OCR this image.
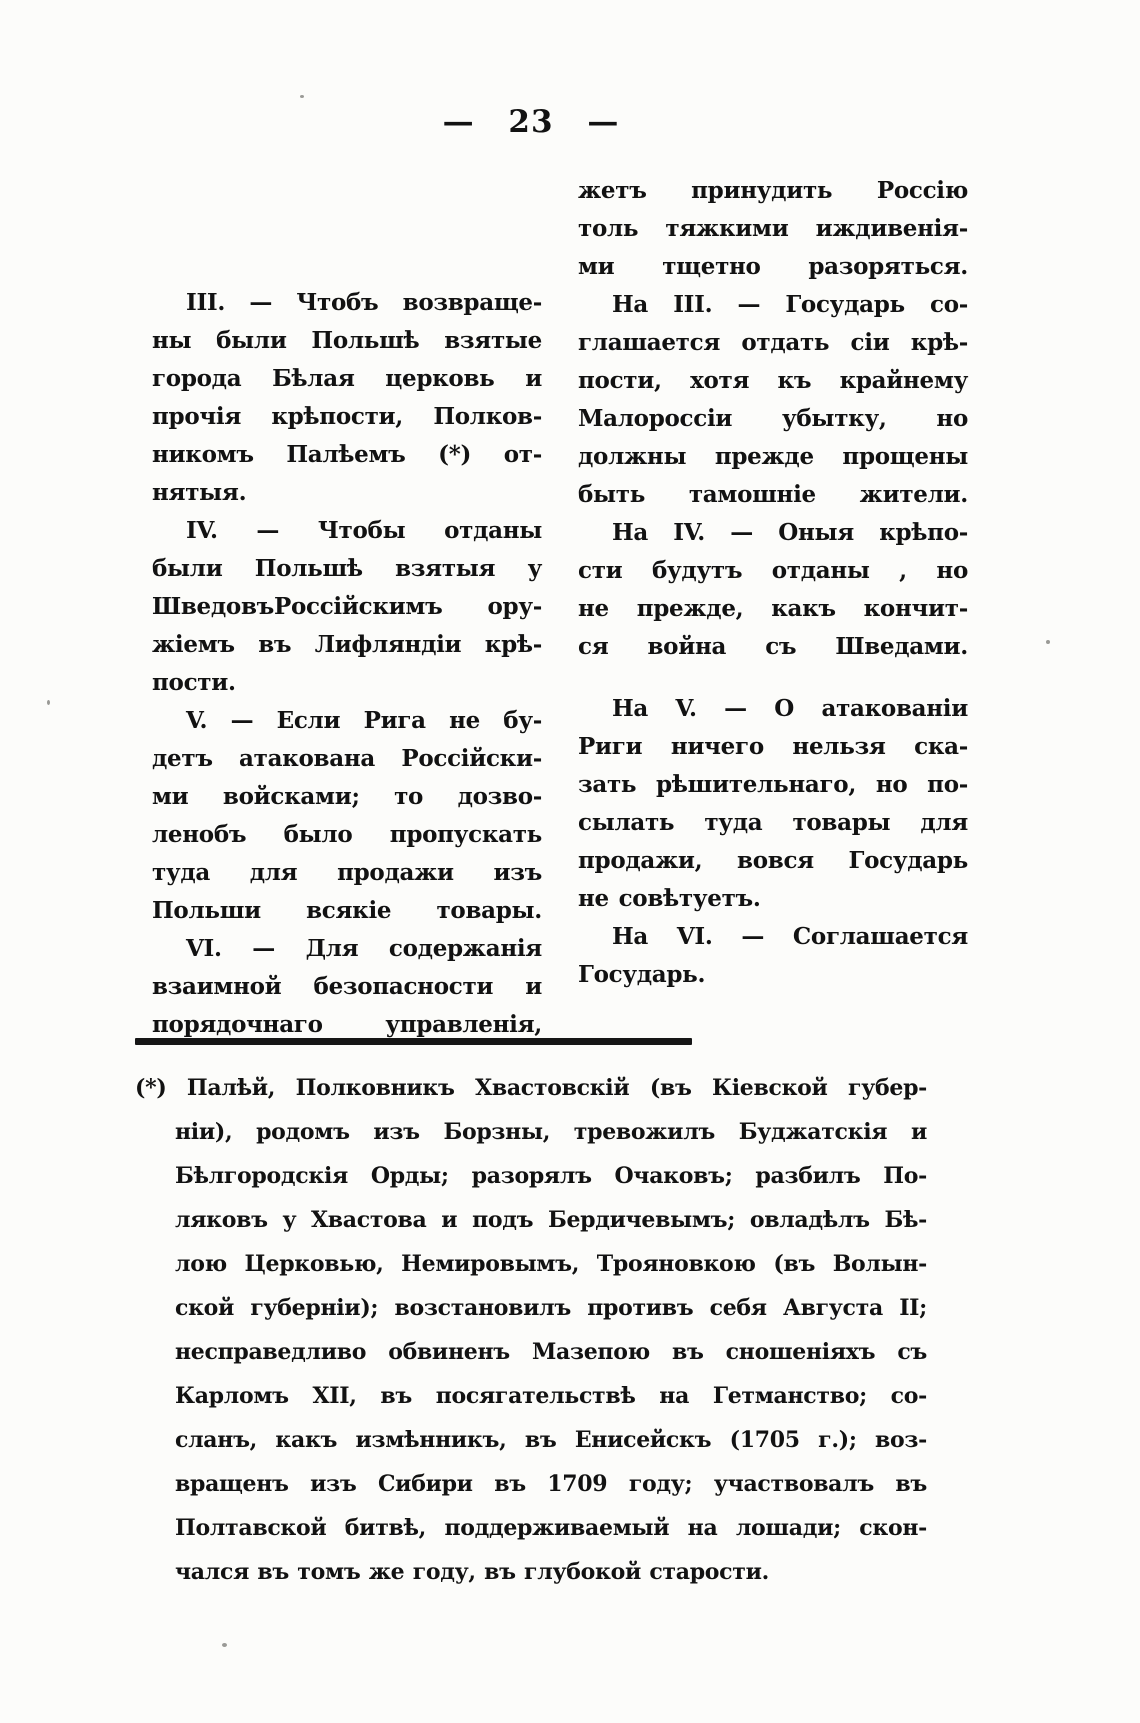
— 23 —
III. — Чтобъ возвраще-
ны были Польшѣ взятые
города Бѣлая церковь и
прочія крѣпости, Полков-
никомъ Палѣемъ (*) от-
нятыя.
IV. — Чтобы отданы
были Польшѣ взятыя у
ШведовъРоссійскимъ ору-
жіемъ въ Лифляндіи крѣ-
пости.
V. — Если Рига не бу-
детъ атакована Россійски-
ми войсками; то дозво-
ленобъ было пропускать
туда для продажи изъ
Польши всякіе товары.
VI. — Для содержанія
взаимной безопасности и
порядочнаго управленія,
жетъ принудить Россію
толь тяжкими иждивенія-
ми тщетно разоряться.
На III. — Государь со-
глашается отдать сіи крѣ-
пости, хотя къ крайнему
Малороссіи убытку, но
должны прежде прощены
быть тамошніе жители.
На IV. — Оныя крѣпо-
сти будутъ отданы , но
не прежде, какъ кончит-
ся война съ Шведами.
На V. — О атакованіи
Риги ничего нельзя ска-
зать рѣшительнаго, но по-
сылать туда товары для
продажи, вовся Государь
не совѣтуетъ.
На VI. — Соглашается
Государь.
(*) Палѣй, Полковникъ Хвастовскій (въ Кіевской губер-
ніи), родомъ изъ Борзны, тревожилъ Буджатскія и
Бѣлгородскія Орды; разорялъ Очаковъ; разбилъ По-
ляковъ у Хвастова и подъ Бердичевымъ; овладѣлъ Бѣ-
лою Церковью, Немировымъ, Трояновкою (въ Волын-
ской губерніи); возстановилъ противъ себя Августа II;
несправедливо обвиненъ Мазепою въ сношеніяхъ съ
Карломъ XII, въ посягательствѣ на Гетманство; со-
сланъ, какъ измѣнникъ, въ Енисейскъ (1705 г.); воз-
вращенъ изъ Сибири въ 1709 году; участвовалъ въ
Полтавской битвѣ, поддерживаемый на лошади; скон-
чался въ томъ же году, въ глубокой старости.
